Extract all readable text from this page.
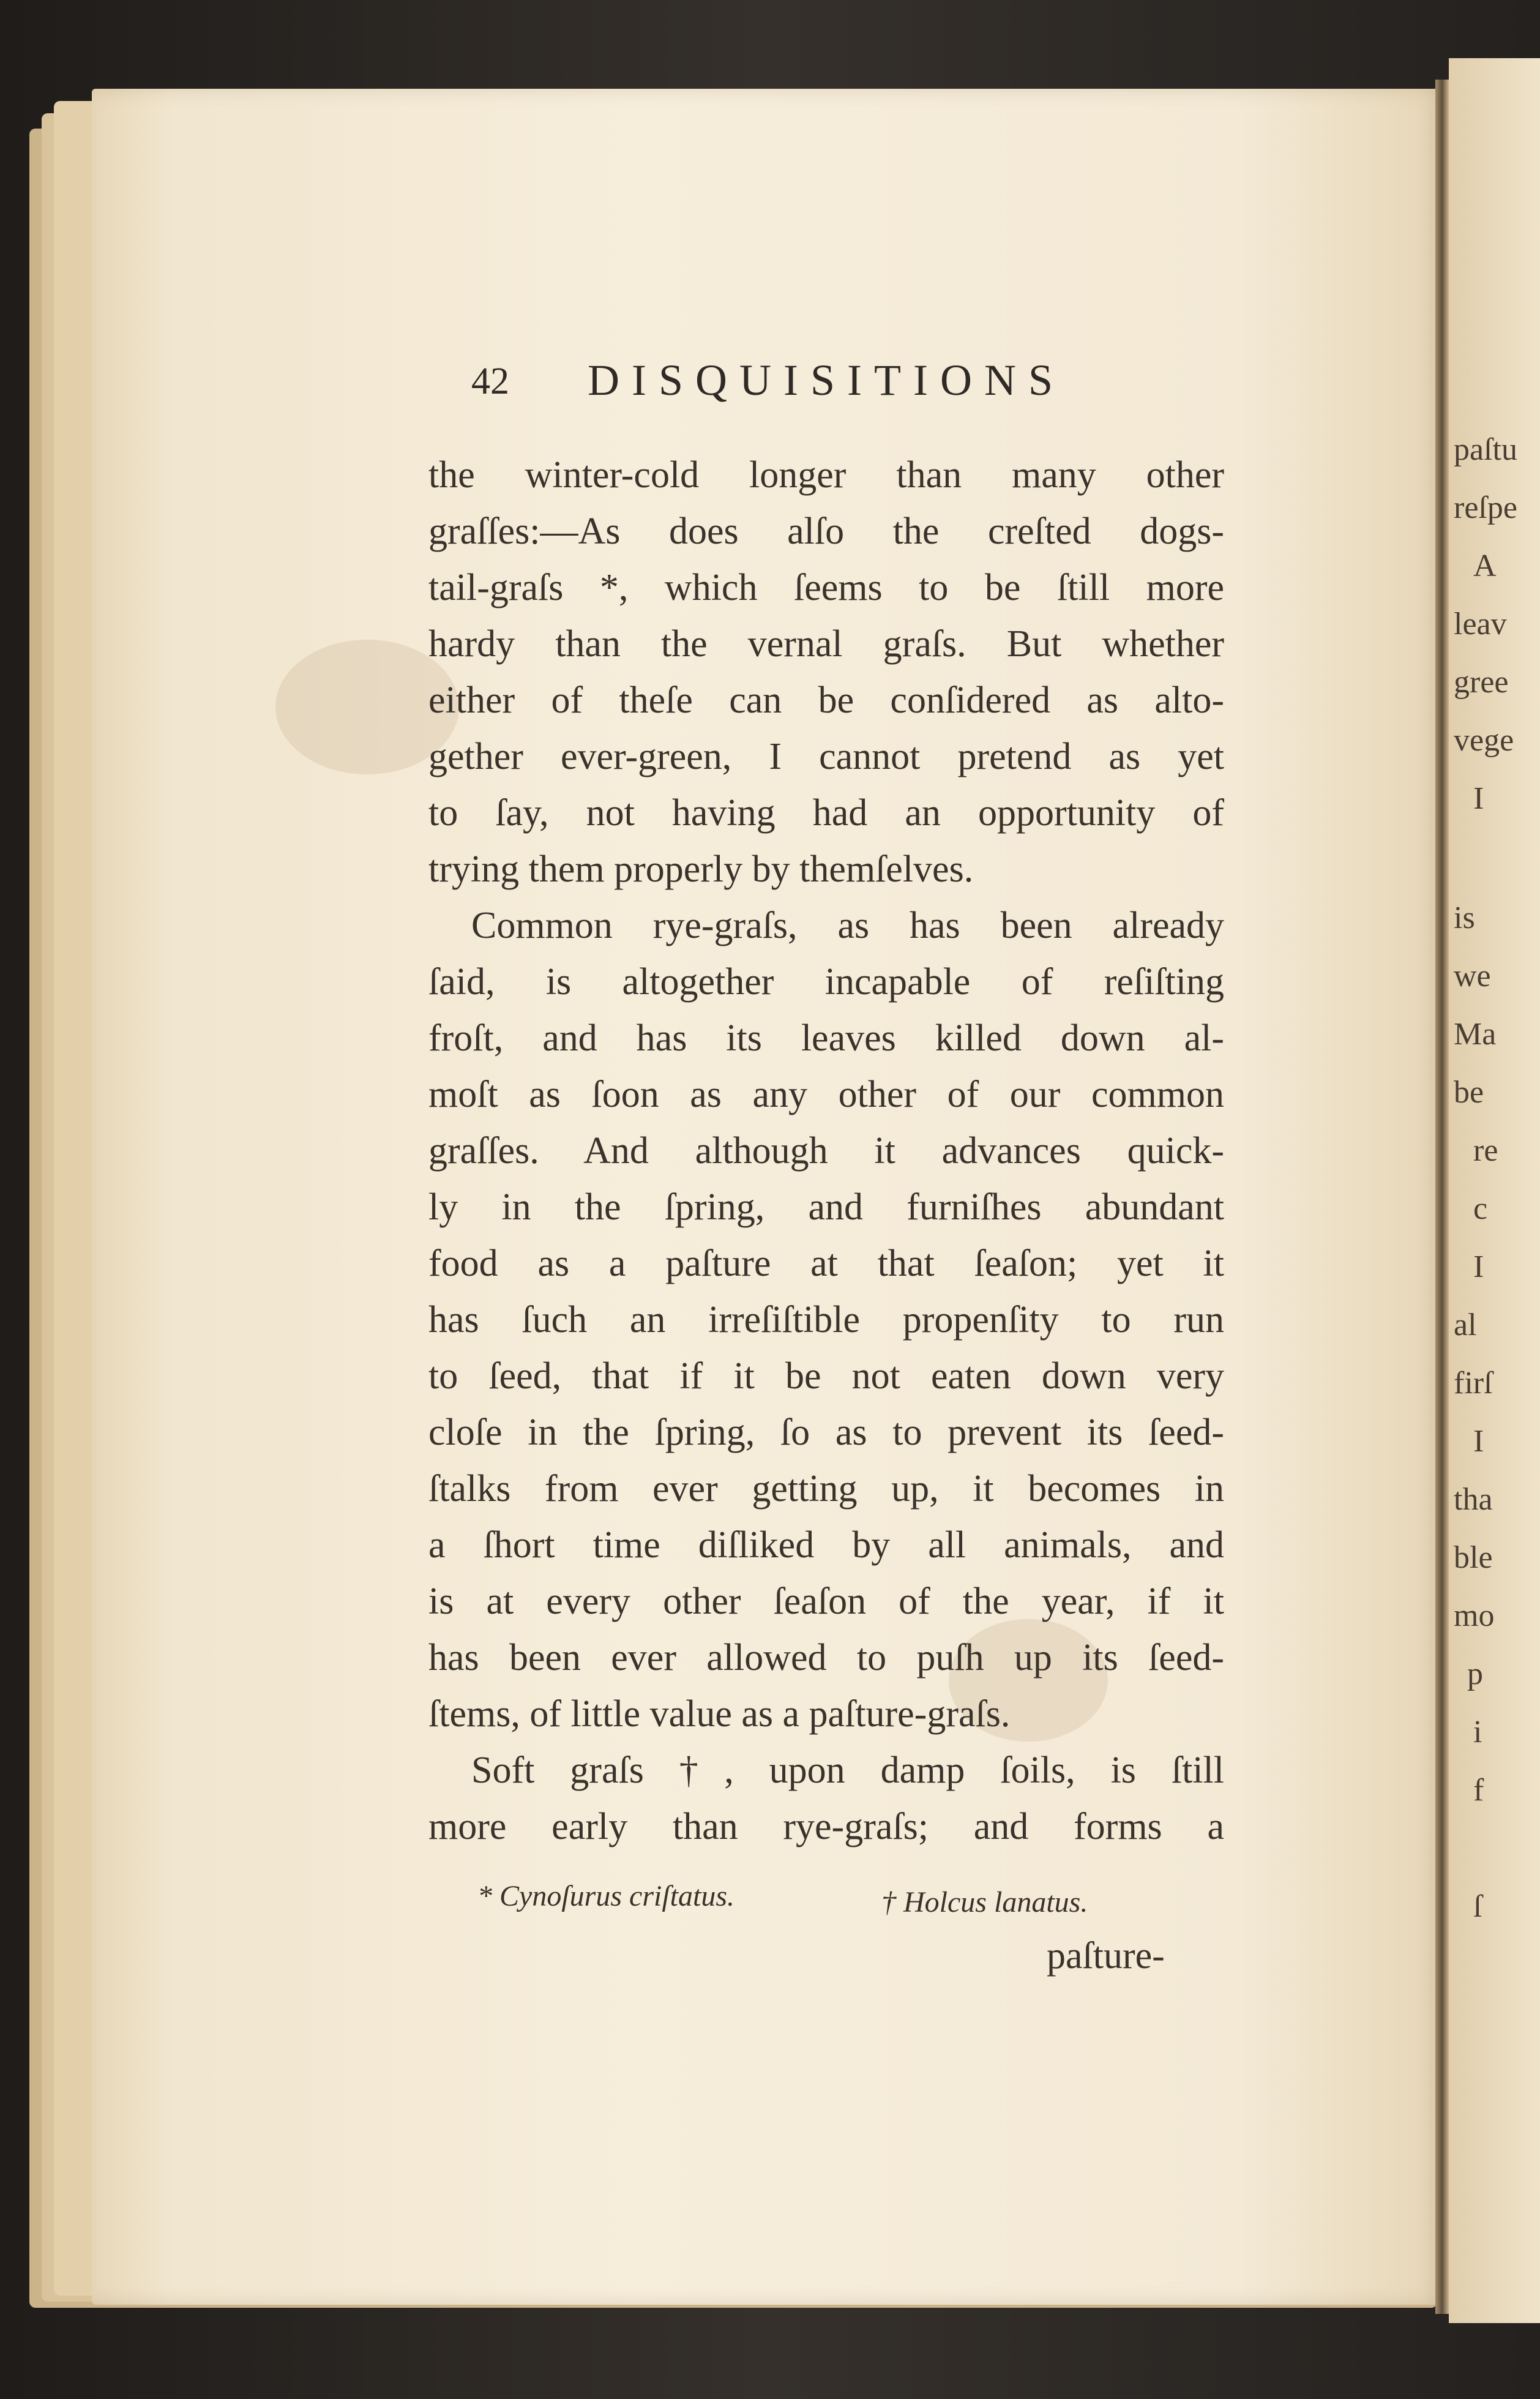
paſtu
reſpe
A
leav
gree
vege
I
is
we
Ma
be
re
c
I
al
firſ
I
tha
ble
mo
p
i
f
ſ
42 DISQUISITIONS
the winter-cold longer than many other
graſſes:—As does alſo the creſted dogs-
tail-graſs *, which ſeems to be ſtill more
hardy than the vernal graſs. But whether
either of theſe can be conſidered as alto-
gether ever-green, I cannot pretend as yet
to ſay, not having had an opportunity of
trying them properly by themſelves.
Common rye-graſs, as has been already
ſaid, is altogether incapable of reſiſting
froſt, and has its leaves killed down al-
moſt as ſoon as any other of our common
graſſes. And although it advances quick-
ly in the ſpring, and furniſhes abundant
food as a paſture at that ſeaſon; yet it
has ſuch an irreſiſtible propenſity to run
to ſeed, that if it be not eaten down very
cloſe in the ſpring, ſo as to prevent its ſeed-
ſtalks from ever getting up, it becomes in
a ſhort time diſliked by all animals, and
is at every other ſeaſon of the year, if it
has been ever allowed to puſh up its ſeed-
ſtems, of little value as a paſture-graſs.
Soft graſs †, upon damp ſoils, is ſtill
more early than rye-graſs; and forms a
* Cynoſurus criſtatus.	† Holcus lanatus.
paſture-
